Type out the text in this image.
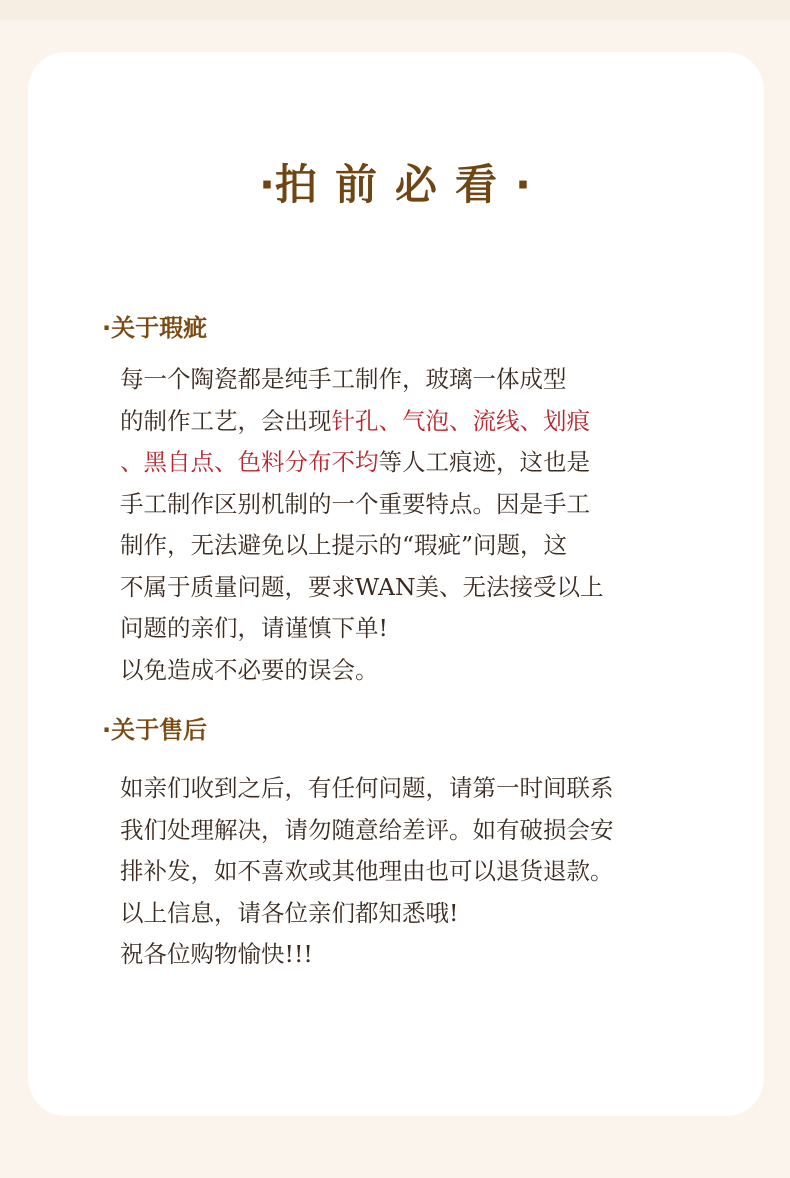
·拍前必看·
·关于瑕疵
每一个陶瓷都是纯手工制作，玻璃一体成型
的制作工艺，会出现针孔、气泡、流线、划痕
、黑自点、色料分布不均等人工痕迹，这也是
手工制作区别机制的一个重要特点。因是手工
制作，无法避免以上提示的“瑕疵”问题，这
不属于质量问题，要求WAN美、无法接受以上
问题的亲们，请谨慎下单!
以免造成不必要的误会。
·关于售后
如亲们收到之后，有任何问题，请第一时间联系
我们处理解决，请勿随意给差评。如有破损会安
排补发，如不喜欢或其他理由也可以退货退款。
以上信息，请各位亲们都知悉哦!
祝各位购物愉快!!!
